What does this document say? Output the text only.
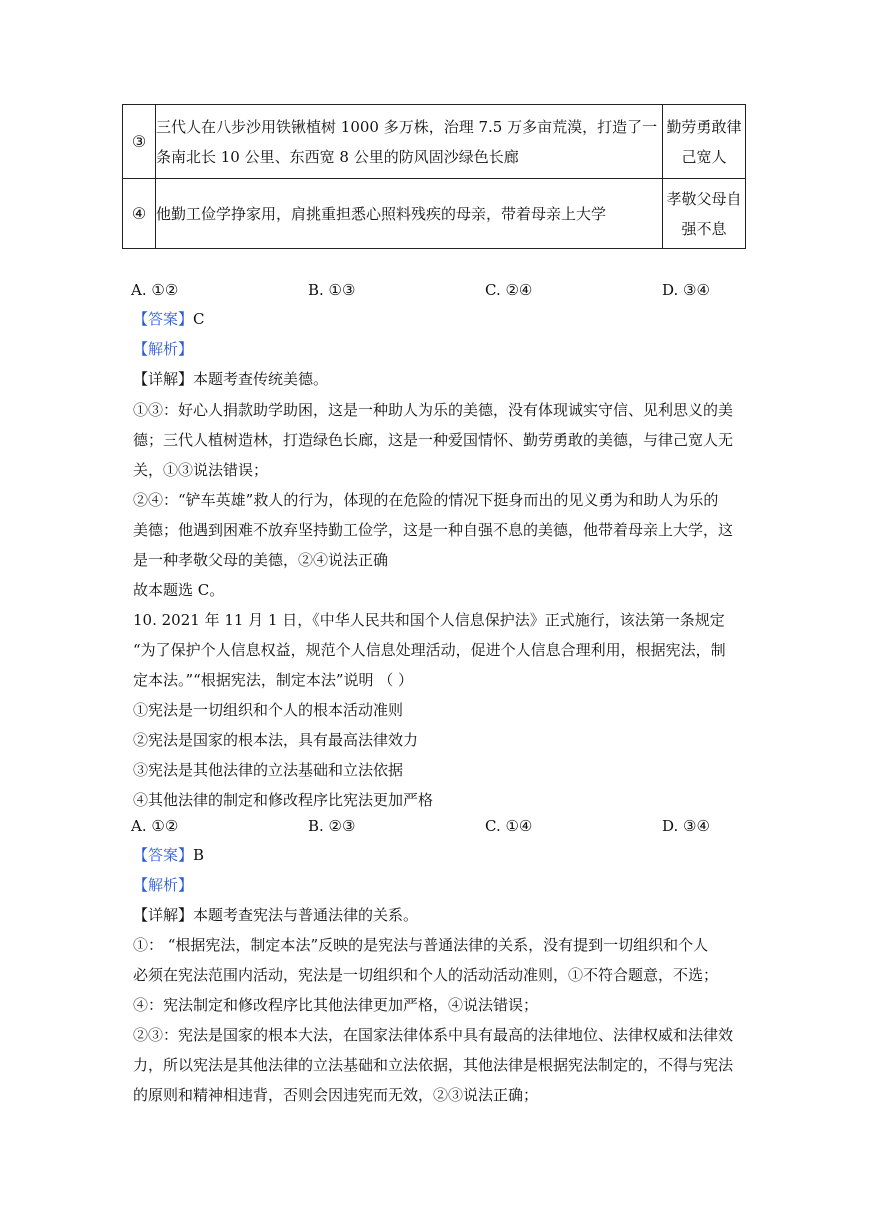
③	三代人在八步沙用铁锹植树 1000 多万株，治理 7.5 万多亩荒漠，打造了一条南北长 10 公里、东西宽 8 公里的防风固沙绿色长廊	勤劳勇敢律己宽人
④	他勤工俭学挣家用，肩挑重担悉心照料残疾的母亲，带着母亲上大学	孝敬父母自强不息
A. ①②	B. ①③	C. ②④	D. ③④
【答案】C
【解析】
【详解】本题考查传统美德。
①③：好心人捐款助学助困，这是一种助人为乐的美德，没有体现诚实守信、见利思义的美
德；三代人植树造林，打造绿色长廊，这是一种爱国情怀、勤劳勇敢的美德，与律己宽人无
关，①③说法错误；
②④：“铲车英雄”救人的行为，体现的在危险的情况下挺身而出的见义勇为和助人为乐的
美德；他遇到困难不放弃坚持勤工俭学，这是一种自强不息的美德，他带着母亲上大学，这
是一种孝敬父母的美德，②④说法正确
故本题选 C。
10. 2021 年 11 月 1 日，《中华人民共和国个人信息保护法》正式施行，该法第一条规定
“为了保护个人信息权益，规范个人信息处理活动，促进个人信息合理利用，根据宪法，制
定本法。”“根据宪法，制定本法”说明 （ ）
①宪法是一切组织和个人的根本活动准则
②宪法是国家的根本法，具有最高法律效力
③宪法是其他法律的立法基础和立法依据
④其他法律的制定和修改程序比宪法更加严格
A. ①②	B. ②③	C. ①④	D. ③④
【答案】B
【解析】
【详解】本题考查宪法与普通法律的关系。
①： “根据宪法，制定本法”反映的是宪法与普通法律的关系，没有提到一切组织和个人
必须在宪法范围内活动，宪法是一切组织和个人的活动活动准则，①不符合题意，不选；
④：宪法制定和修改程序比其他法律更加严格，④说法错误；
②③：宪法是国家的根本大法，在国家法律体系中具有最高的法律地位、法律权威和法律效
力，所以宪法是其他法律的立法基础和立法依据，其他法律是根据宪法制定的，不得与宪法
的原则和精神相违背，否则会因违宪而无效，②③说法正确；
